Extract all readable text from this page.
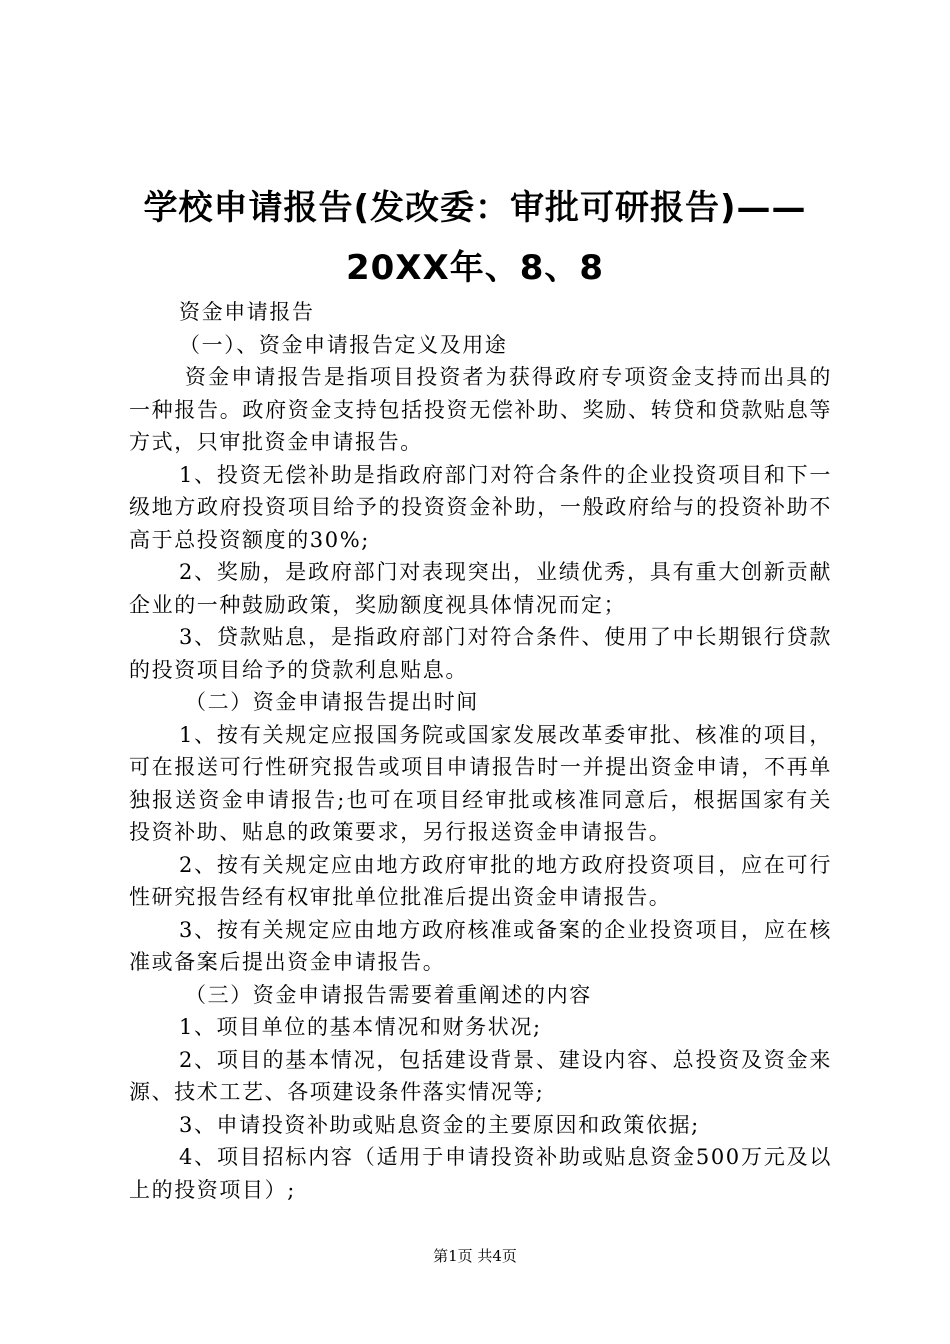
学校申请报告(发改委：审批可研报告)——
20XX年、8、8

资金申请报告

（一）、资金申请报告定义及用途

资金申请报告是指项目投资者为获得政府专项资金支持而出具的一种报告。政府资金支持包括投资无偿补助、奖励、转贷和贷款贴息等方式，只审批资金申请报告。

1、投资无偿补助是指政府部门对符合条件的企业投资项目和下一级地方政府投资项目给予的投资资金补助，一般政府给与的投资补助不高于总投资额度的30%;

2、奖励，是政府部门对表现突出，业绩优秀，具有重大创新贡献企业的一种鼓励政策，奖励额度视具体情况而定；

3、贷款贴息，是指政府部门对符合条件、使用了中长期银行贷款的投资项目给予的贷款利息贴息。

（二）资金申请报告提出时间

1、按有关规定应报国务院或国家发展改革委审批、核准的项目，可在报送可行性研究报告或项目申请报告时一并提出资金申请，不再单独报送资金申请报告;也可在项目经审批或核准同意后，根据国家有关投资补助、贴息的政策要求，另行报送资金申请报告。

2、按有关规定应由地方政府审批的地方政府投资项目，应在可行性研究报告经有权审批单位批准后提出资金申请报告。

3、按有关规定应由地方政府核准或备案的企业投资项目，应在核准或备案后提出资金申请报告。

（三）资金申请报告需要着重阐述的内容

1、项目单位的基本情况和财务状况;

2、项目的基本情况，包括建设背景、建设内容、总投资及资金来源、技术工艺、各项建设条件落实情况等;

3、申请投资补助或贴息资金的主要原因和政策依据;

4、项目招标内容（适用于申请投资补助或贴息资金500万元及以上的投资项目）;

第1页 共4页
